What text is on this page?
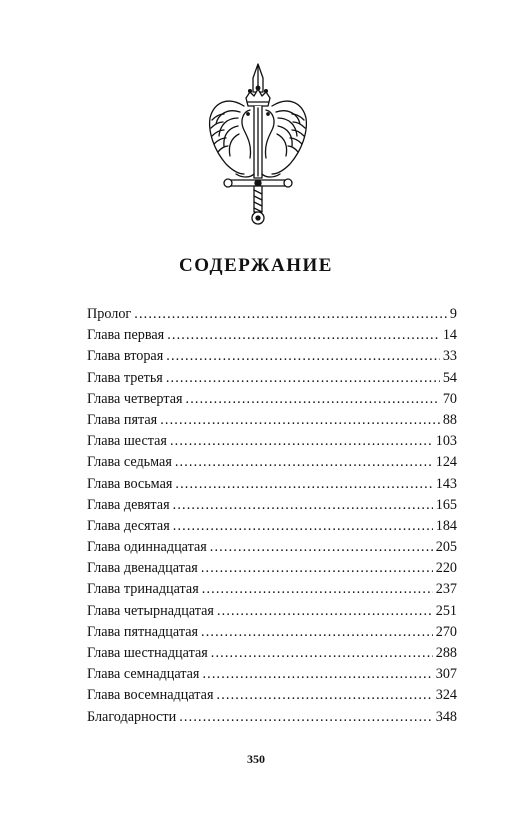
СОДЕРЖАНИЕ
Пролог . . .	9
Глава первая . . .	14
Глава вторая . . .	33
Глава третья . . .	54
Глава четвертая . . .	70
Глава пятая . . .	88
Глава шестая . . .	103
Глава седьмая . . .	124
Глава восьмая . . .	143
Глава девятая . . .	165
Глава десятая . . .	184
Глава одиннадцатая . . .	205
Глава двенадцатая . . .	220
Глава тринадцатая . . .	237
Глава четырнадцатая . . .	251
Глава пятнадцатая . . .	270
Глава шестнадцатая . . .	288
Глава семнадцатая . . .	307
Глава восемнадцатая . . .	324
Благодарности . . .	348
350
